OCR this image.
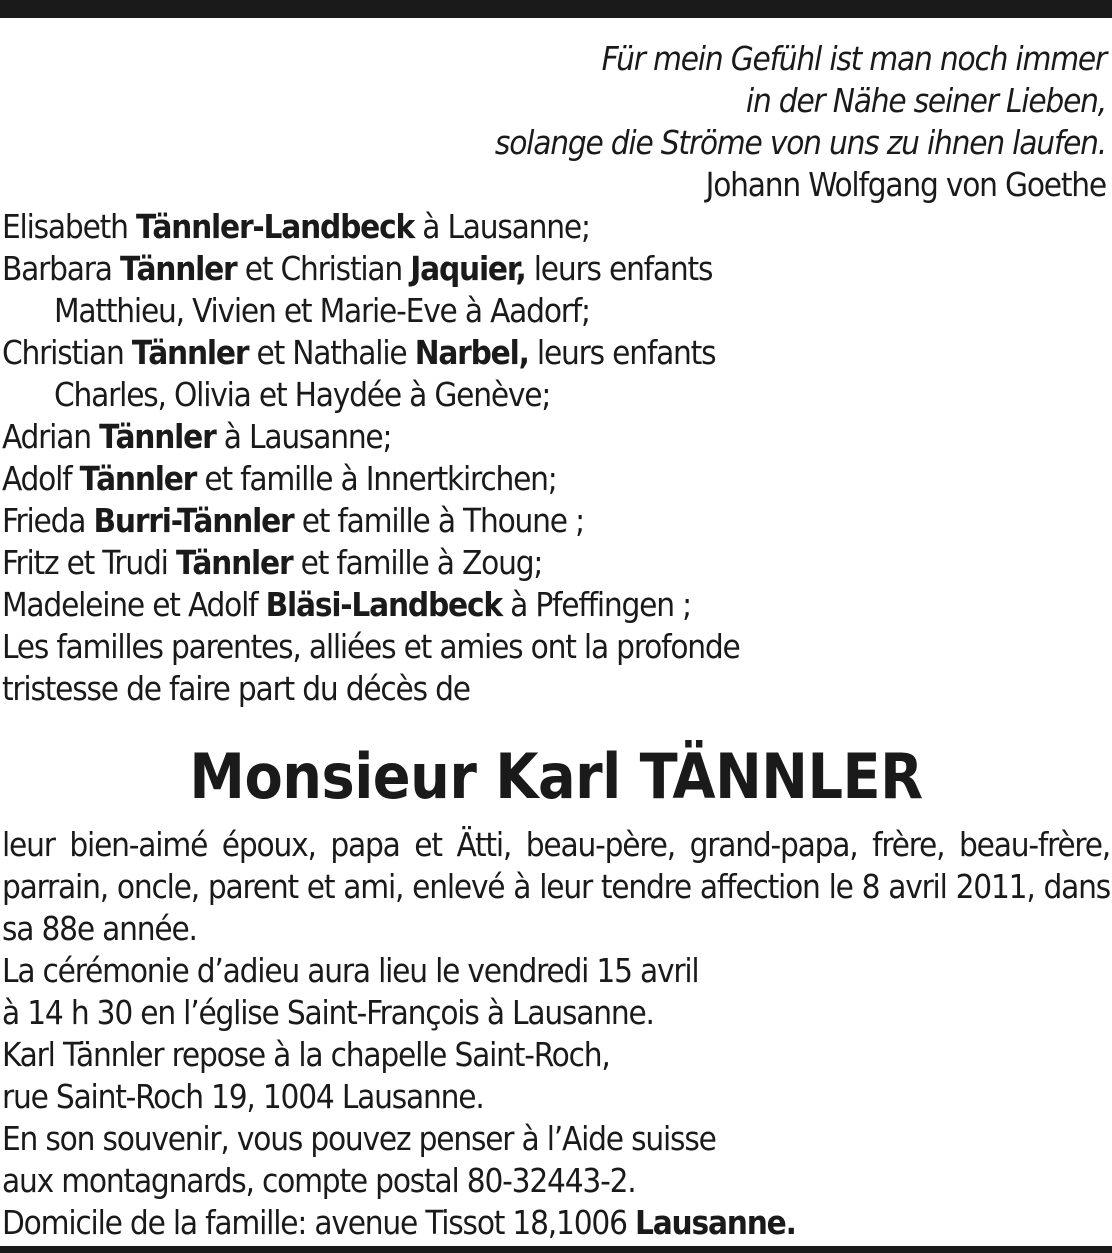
Für mein Gefühl ist man noch immer
in der Nähe seiner Lieben,
solange die Ströme von uns zu ihnen laufen.
Johann Wolfgang von Goethe
Elisabeth Tännler-Landbeck à Lausanne;
Barbara Tännler et Christian Jaquier, leurs enfants
Matthieu, Vivien et Marie-Eve à Aadorf;
Christian Tännler et Nathalie Narbel, leurs enfants
Charles, Olivia et Haydée à Genève;
Adrian Tännler à Lausanne;
Adolf Tännler et famille à Innertkirchen;
Frieda Burri-Tännler et famille à Thoune ;
Fritz et Trudi Tännler et famille à Zoug;
Madeleine et Adolf Bläsi-Landbeck à Pfeffingen ;
Les familles parentes, alliées et amies ont la profonde
tristesse de faire part du décès de
Monsieur Karl TÄNNLER
leur bien-aimé époux, papa et Ätti, beau-père, grand-papa, frère, beau-frère, parrain, oncle, parent et ami, enlevé à leur tendre affection le 8 avril 2011, dans sa 88e année.
La cérémonie d’adieu aura lieu le vendredi 15 avril
à 14 h 30 en l’église Saint-François à Lausanne.
Karl Tännler repose à la chapelle Saint-Roch,
rue Saint-Roch 19, 1004 Lausanne.
En son souvenir, vous pouvez penser à l’Aide suisse
aux montagnards, compte postal 80-32443-2.
Domicile de la famille: avenue Tissot 18,1006 Lausanne.
